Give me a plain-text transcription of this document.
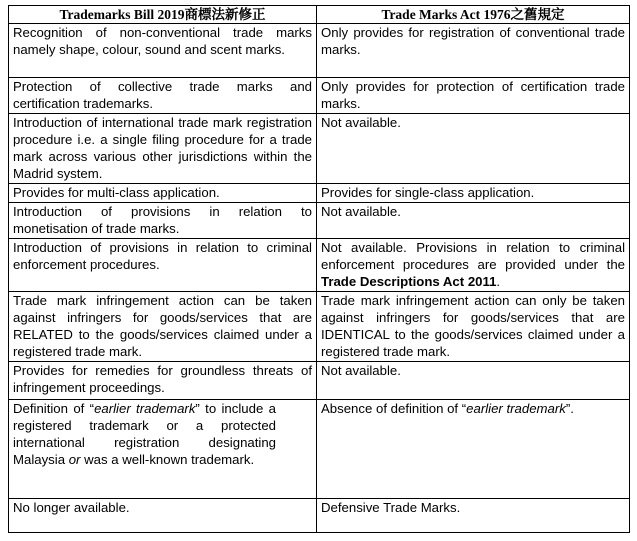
Trademarks Bill 2019商標法新修正	Trade Marks Act 1976之舊規定
Recognition of non-conventional trade marks namely shape, colour, sound and scent marks.	Only provides for registration of conventional trade marks.
Protection of collective trade marks and certification trademarks.	Only provides for protection of certification trade marks.
Introduction of international trade mark registration procedure i.e. a single filing procedure for a trade mark across various other jurisdictions within the Madrid system.	Not available.
Provides for multi-class application.	Provides for single-class application.
Introduction of provisions in relation to monetisation of trade marks.	Not available.
Introduction of provisions in relation to criminal enforcement procedures.	Not available. Provisions in relation to criminal enforcement procedures are provided under the Trade Descriptions Act 2011.
Trade mark infringement action can be taken against infringers for goods/services that are RELATED to the goods/services claimed under a registered trade mark.	Trade mark infringement action can only be taken against infringers for goods/services that are IDENTICAL to the goods/services claimed under a registered trade mark.
Provides for remedies for groundless threats of infringement proceedings.	Not available.
Definition of “earlier trademark” to include a registered trademark or a protected international registration designating Malaysia or was a well-known trademark.	Absence of definition of “earlier trademark”.
No longer available.	Defensive Trade Marks.
